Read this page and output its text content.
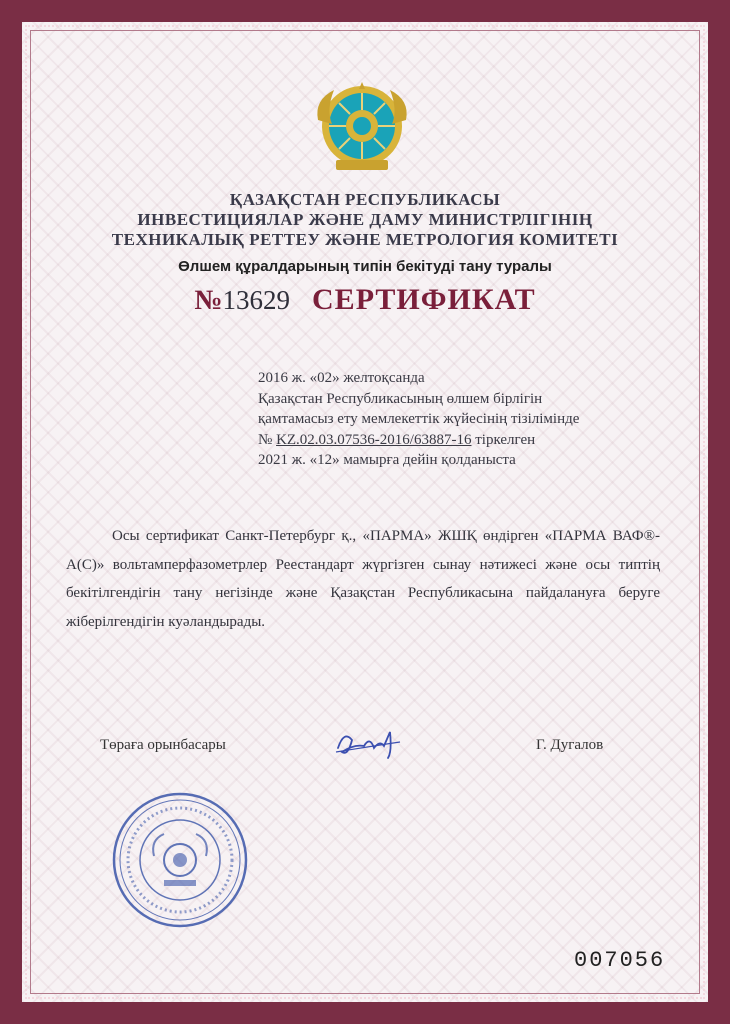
ҚАЗАҚСТАН РЕСПУБЛИКАСЫ
ИНВЕСТИЦИЯЛАР ЖӘНЕ ДАМУ МИНИСТРЛІГІНІҢ
ТЕХНИКАЛЫҚ РЕТТЕУ ЖӘНЕ МЕТРОЛОГИЯ КОМИТЕТІ
Өлшем құралдарының типін бекітуді тану туралы
№13629 СЕРТИФИКАТ
2016 ж. «02» желтоқсанда
Қазақстан Республикасының өлшем бірлігін
қамтамасыз ету мемлекеттік жүйесінің тізілімінде
№ KZ.02.03.07536-2016/63887-16 тіркелген
2021 ж. «12» мамырға дейін қолданыста

Осы сертификат Санкт-Петербург қ., «ПАРМА» ЖШҚ өндірген «ПАРМА ВАФ®-А(С)» вольтамперфазометрлер Реестандарт жүргізген сынау нәтижесі және осы типтің бекітілгендігін тану негізінде және Қазақстан Республикасына пайдалануға беруге жіберілгендігін куәландырады.

Төраға орынбасары	Г. Дугалов
007056
